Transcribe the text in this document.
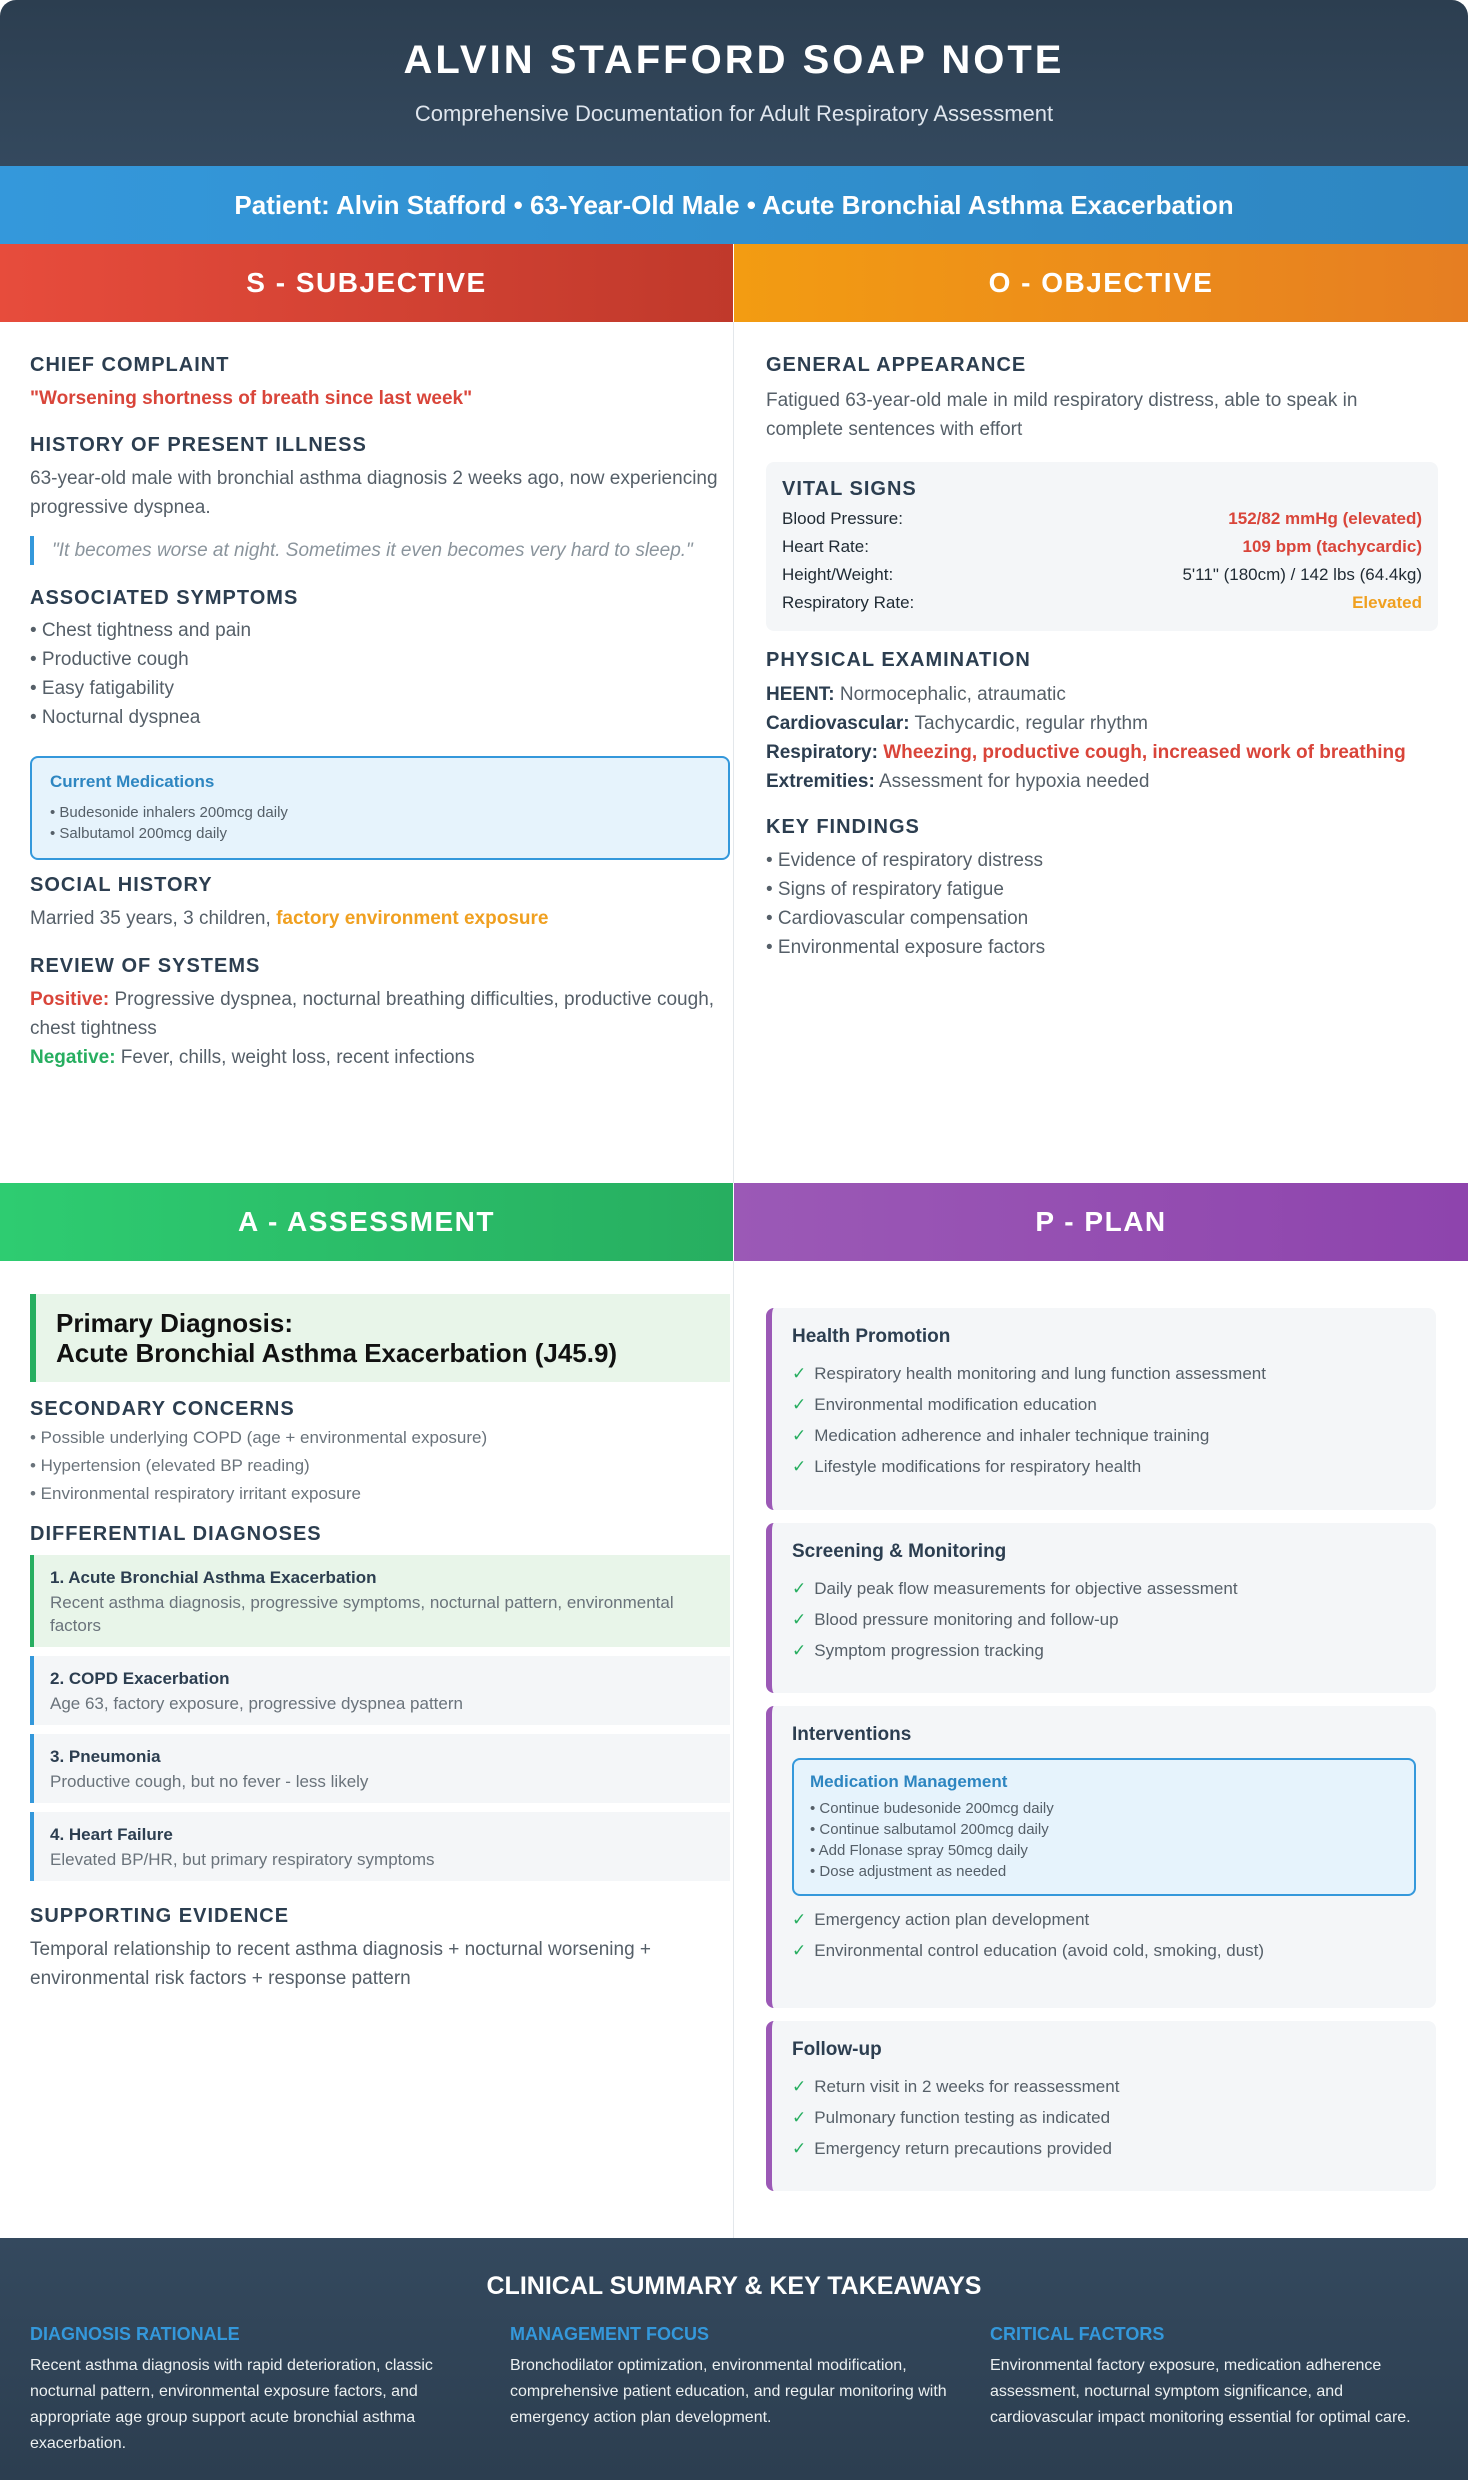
ALVIN STAFFORD SOAP NOTE
Comprehensive Documentation for Adult Respiratory Assessment
Patient: Alvin Stafford • 63-Year-Old Male • Acute Bronchial Asthma Exacerbation
S - SUBJECTIVE	O - OBJECTIVE
A - ASSESSMENT	P - PLAN
CHIEF COMPLAINT
"Worsening shortness of breath since last week"
HISTORY OF PRESENT ILLNESS
63-year-old male with bronchial asthma diagnosis 2 weeks ago, now experiencing progressive dyspnea.
"It becomes worse at night. Sometimes it even becomes very hard to sleep."
ASSOCIATED SYMPTOMS
• Chest tightness and pain
• Productive cough
• Easy fatigability
• Nocturnal dyspnea
Current Medications
• Budesonide inhalers 200mcg daily
• Salbutamol 200mcg daily
SOCIAL HISTORY
Married 35 years, 3 children, factory environment exposure
REVIEW OF SYSTEMS
Positive: Progressive dyspnea, nocturnal breathing difficulties, productive cough, chest tightness
Negative: Fever, chills, weight loss, recent infections
GENERAL APPEARANCE
Fatigued 63-year-old male in mild respiratory distress, able to speak in complete sentences with effort
VITAL SIGNS
Blood Pressure:	152/82 mmHg (elevated)
Heart Rate:	109 bpm (tachycardic)
Height/Weight:	5'11" (180cm) / 142 lbs (64.4kg)
Respiratory Rate:	Elevated
PHYSICAL EXAMINATION
HEENT: Normocephalic, atraumatic
Cardiovascular: Tachycardic, regular rhythm
Respiratory: Wheezing, productive cough, increased work of breathing
Extremities: Assessment for hypoxia needed
KEY FINDINGS
• Evidence of respiratory distress
• Signs of respiratory fatigue
• Cardiovascular compensation
• Environmental exposure factors
Primary Diagnosis:
Acute Bronchial Asthma Exacerbation (J45.9)
SECONDARY CONCERNS
• Possible underlying COPD (age + environmental exposure)
• Hypertension (elevated BP reading)
• Environmental respiratory irritant exposure
DIFFERENTIAL DIAGNOSES
1. Acute Bronchial Asthma Exacerbation
Recent asthma diagnosis, progressive symptoms, nocturnal pattern, environmental factors
2. COPD Exacerbation
Age 63, factory exposure, progressive dyspnea pattern
3. Pneumonia
Productive cough, but no fever - less likely
4. Heart Failure
Elevated BP/HR, but primary respiratory symptoms
SUPPORTING EVIDENCE
Temporal relationship to recent asthma diagnosis + nocturnal worsening + environmental risk factors + response pattern
Health Promotion
✓ Respiratory health monitoring and lung function assessment
✓ Environmental modification education
✓ Medication adherence and inhaler technique training
✓ Lifestyle modifications for respiratory health
Screening & Monitoring
✓ Daily peak flow measurements for objective assessment
✓ Blood pressure monitoring and follow-up
✓ Symptom progression tracking
Interventions
Medication Management
• Continue budesonide 200mcg daily
• Continue salbutamol 200mcg daily
• Add Flonase spray 50mcg daily
• Dose adjustment as needed
✓ Emergency action plan development
✓ Environmental control education (avoid cold, smoking, dust)
Follow-up
✓ Return visit in 2 weeks for reassessment
✓ Pulmonary function testing as indicated
✓ Emergency return precautions provided
CLINICAL SUMMARY & KEY TAKEAWAYS
DIAGNOSIS RATIONALE
Recent asthma diagnosis with rapid deterioration, classic nocturnal pattern, environmental exposure factors, and appropriate age group support acute bronchial asthma exacerbation.
MANAGEMENT FOCUS
Bronchodilator optimization, environmental modification, comprehensive patient education, and regular monitoring with emergency action plan development.
CRITICAL FACTORS
Environmental factory exposure, medication adherence assessment, nocturnal symptom significance, and cardiovascular impact monitoring essential for optimal care.
